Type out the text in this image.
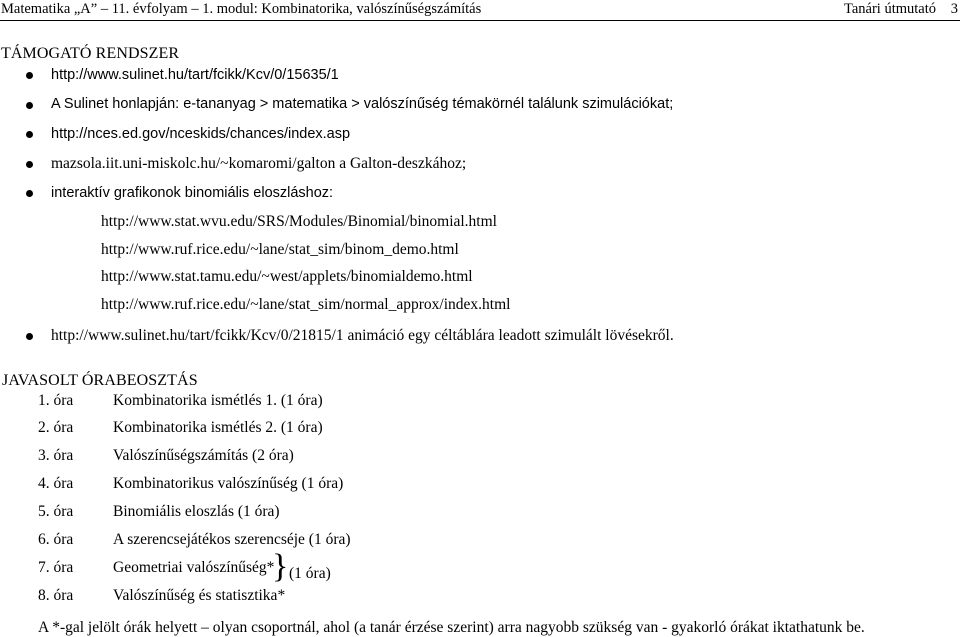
Matematika „A” – 11. évfolyam – 1. modul: Kombinatorika, valószínűségszámítás	Tanári útmutató 3
TÁMOGATÓ RENDSZER
http://www.sulinet.hu/tart/fcikk/Kcv/0/15635/1
A Sulinet honlapján: e-tananyag > matematika > valószínűség témakörnél találunk szimulációkat;
http://nces.ed.gov/nceskids/chances/index.asp
mazsola.iit.uni-miskolc.hu/~komaromi/galton a Galton-deszkához;
interaktív grafikonok binomiális eloszláshoz:
http://www.stat.wvu.edu/SRS/Modules/Binomial/binomial.html
http://www.ruf.rice.edu/~lane/stat_sim/binom_demo.html
http://www.stat.tamu.edu/~west/applets/binomialdemo.html
http://www.ruf.rice.edu/~lane/stat_sim/normal_approx/index.html
http://www.sulinet.hu/tart/fcikk/Kcv/0/21815/1 animáció egy céltáblára leadott szimulált lövésekről.
JAVASOLT ÓRABEOSZTÁS
1. óra	Kombinatorika ismétlés 1. (1 óra)
2. óra	Kombinatorika ismétlés 2. (1 óra)
3. óra	Valószínűségszámítás (2 óra)
4. óra	Kombinatorikus valószínűség (1 óra)
5. óra	Binomiális eloszlás (1 óra)
6. óra	A szerencsejátékos szerencséje (1 óra)
7. óra	Geometriai valószínűség*
8. óra	Valószínűség és statisztika*
} (1 óra)
A *-gal jelölt órák helyett – olyan csoportnál, ahol (a tanár érzése szerint) arra nagyobb szükség van - gyakorló órákat iktathatunk be.
